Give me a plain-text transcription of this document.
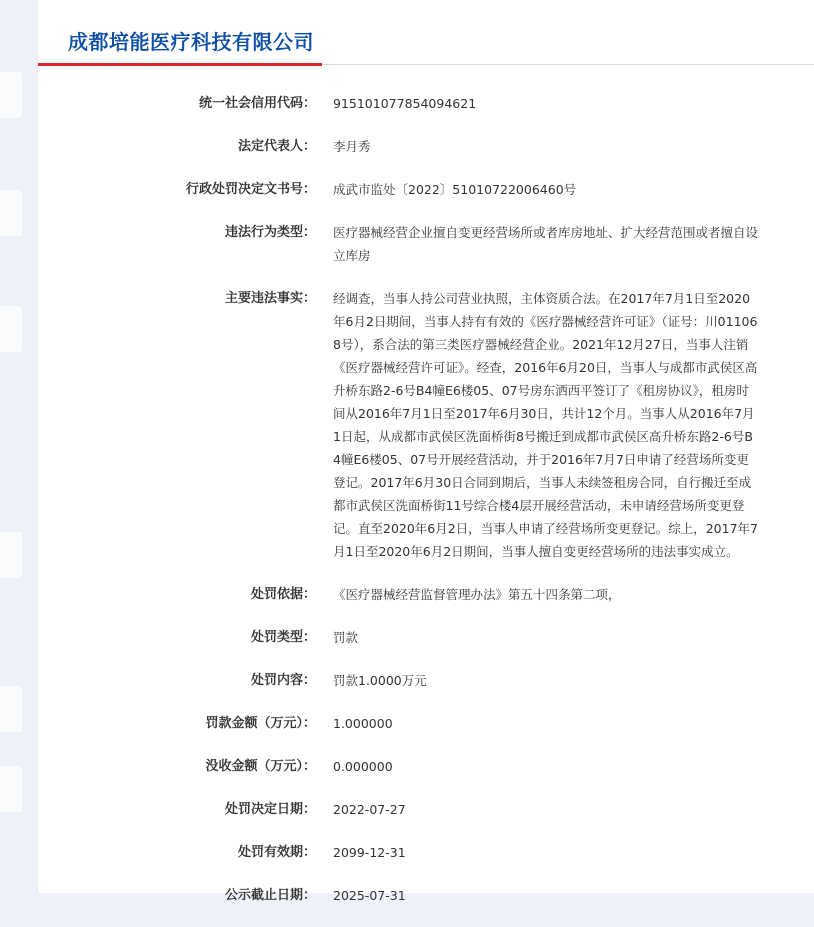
成都培能医疗科技有限公司
统一社会信用代码： 915101077854094621
法定代表人： 李月秀
行政处罚决定文书号： 成武市监处〔2022〕51010722006460号
违法行为类型： 医疗器械经营企业擅自变更经营场所或者库房地址、扩大经营范围或者擅自设立库房
主要违法事实： 经调查，当事人持公司营业执照，主体资质合法。在2017年7月1日至2020年6月2日期间，当事人持有有效的《医疗器械经营许可证》（证号：川011068号），系合法的第三类医疗器械经营企业。2021年12月27日，当事人注销《医疗器械经营许可证》。经查，2016年6月20日，当事人与成都市武侯区高升桥东路2-6号B4幢E6楼05、07号房东洒西平签订了《租房协议》，租房时间从2016年7月1日至2017年6月30日，共计12个月。当事人从2016年7月1日起，从成都市武侯区洗面桥街8号搬迁到成都市武侯区高升桥东路2-6号B4幢E6楼05、07号开展经营活动，并于2016年7月7日申请了经营场所变更登记。2017年6月30日合同到期后，当事人未续签租房合同，自行搬迁至成都市武侯区洗面桥街11号综合楼4层开展经营活动，未申请经营场所变更登记。直至2020年6月2日，当事人申请了经营场所变更登记。综上，2017年7月1日至2020年6月2日期间，当事人擅自变更经营场所的违法事实成立。
处罚依据： 《医疗器械经营监督管理办法》第五十四条第二项，
处罚类型： 罚款
处罚内容： 罚款1.0000万元
罚款金额（万元）： 1.000000
没收金额（万元）： 0.000000
处罚决定日期： 2022-07-27
处罚有效期： 2099-12-31
公示截止日期： 2025-07-31
